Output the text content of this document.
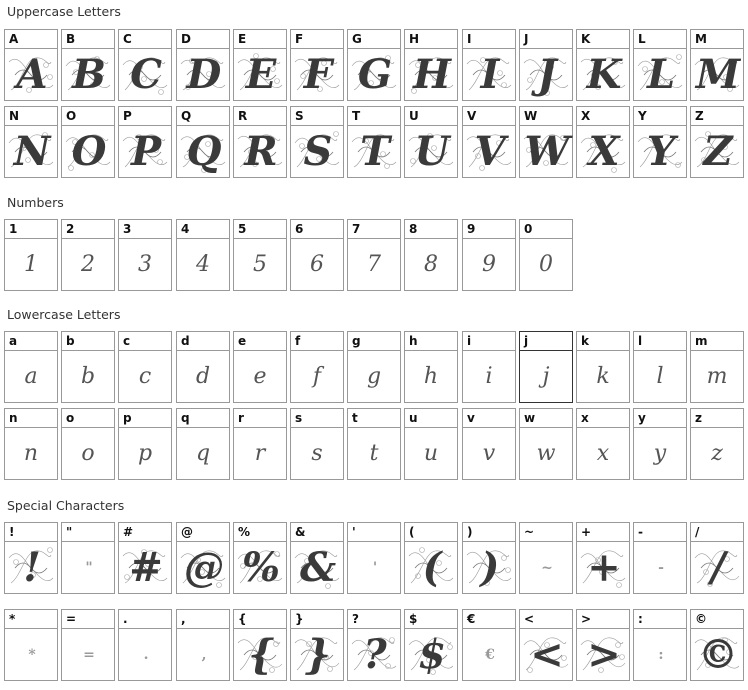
Uppercase Letters
A
A
B
B
C
C
D
D
E
E
F
F
G
G
H
H
I
I
J
J
K
K
L
L
M
M
N
N
O
O
P
P
Q
Q
R
R
S
S
T
T
U
U
V
V
W
W
X
X
Y
Y
Z
Z
Numbers
1
1
2
2
3
3
4
4
5
5
6
6
7
7
8
8
9
9
0
0
Lowercase Letters
a
a
b
b
c
c
d
d
e
e
f
f
g
g
h
h
i
i
j
j
k
k
l
l
m
m
n
n
o
o
p
p
q
q
r
r
s
s
t
t
u
u
v
v
w
w
x
x
y
y
z
z
Special Characters
!
!
"
"
#
#
@
@
%
%
&
&
'
'
(
(
)
)
~
~
+
+
-
-
/
/
*
*
=
=
.
.
,
,
{
{
}
}
?
?
$
$
€
€
<
<
>
>
:
:
©
©
